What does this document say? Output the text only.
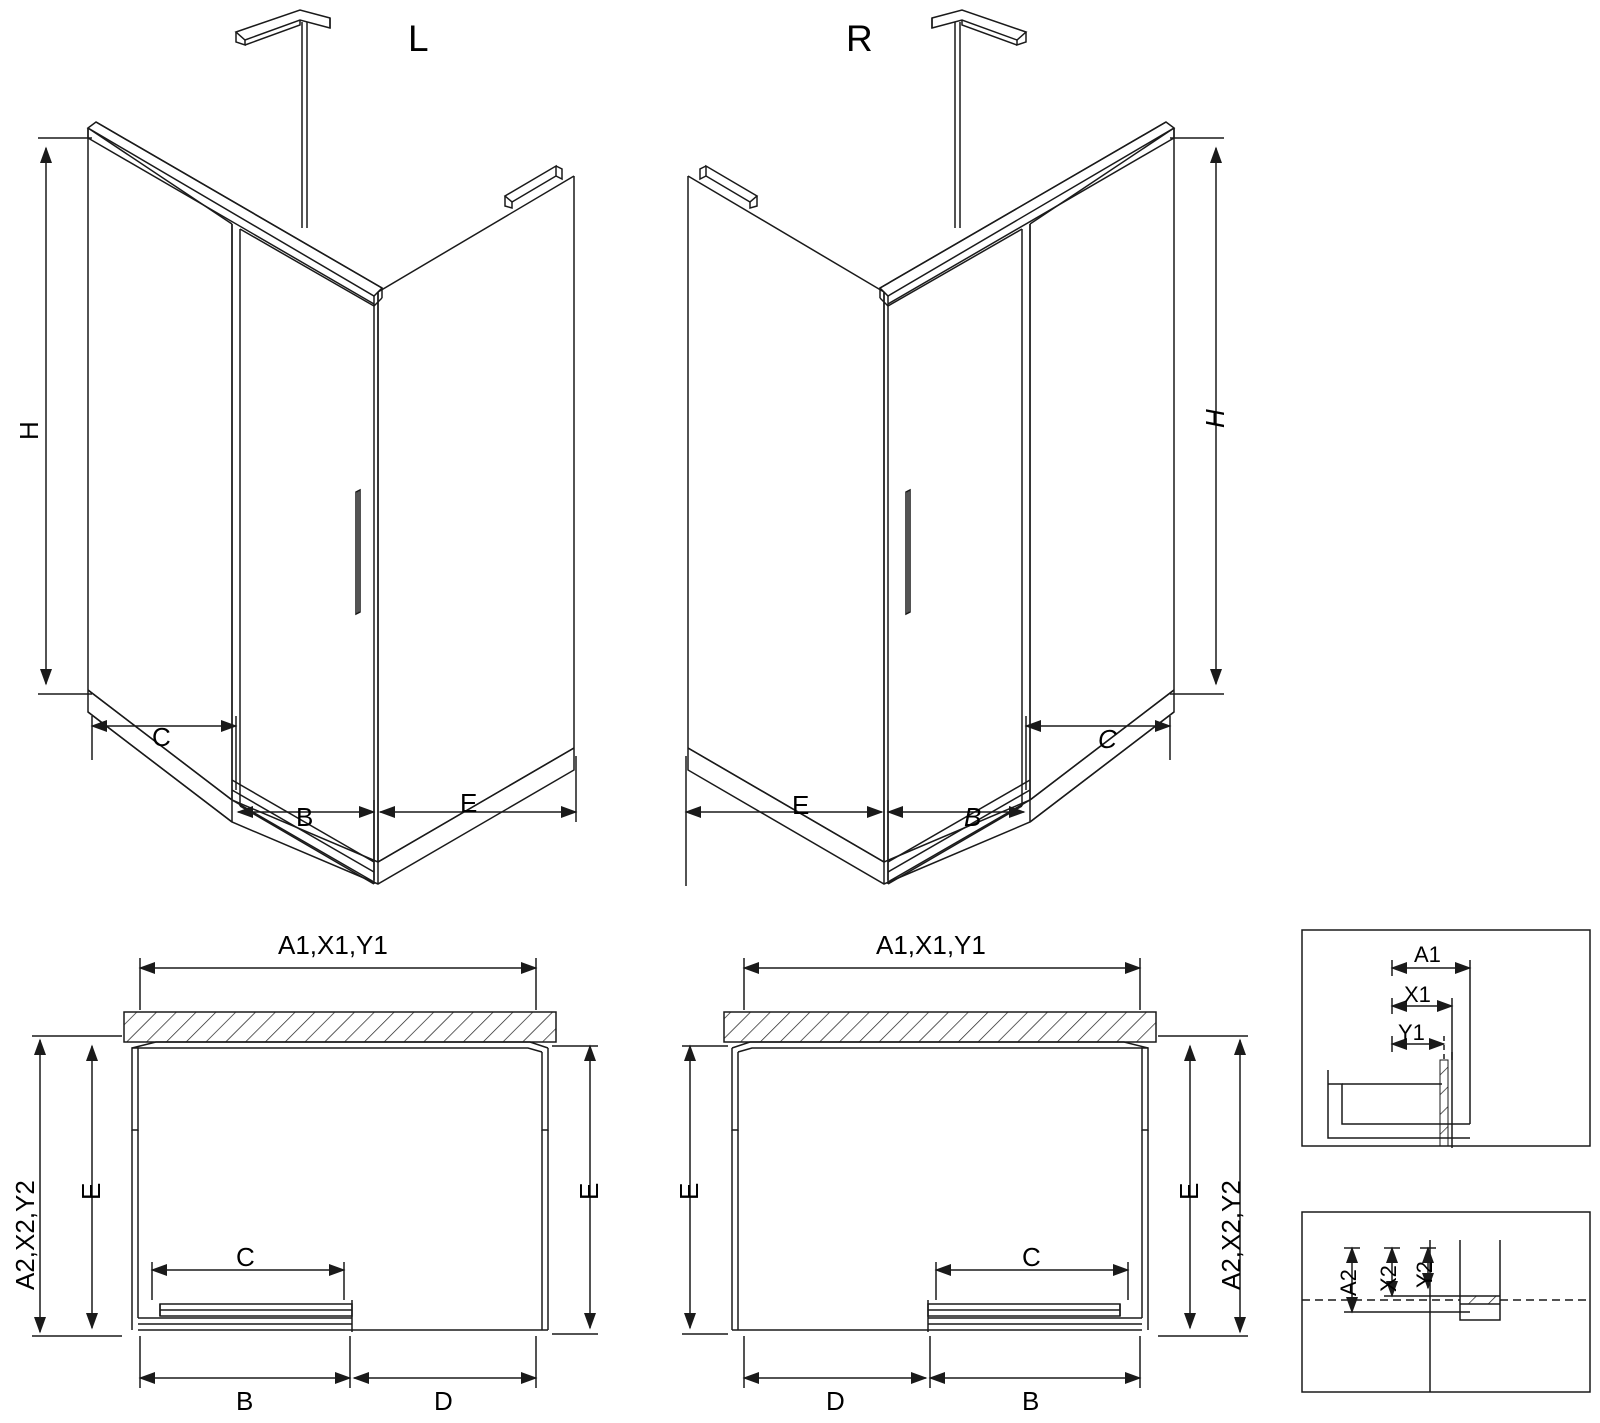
L	R
H
H
C
B	E
C
B
E
A1,X1,Y1	A1,X1,Y1
A2,X2,Y2	A2,X2,Y2
E	E	E	E
C	C
B	D	D	B
A1
X1
Y1
A2 X2 Y2
